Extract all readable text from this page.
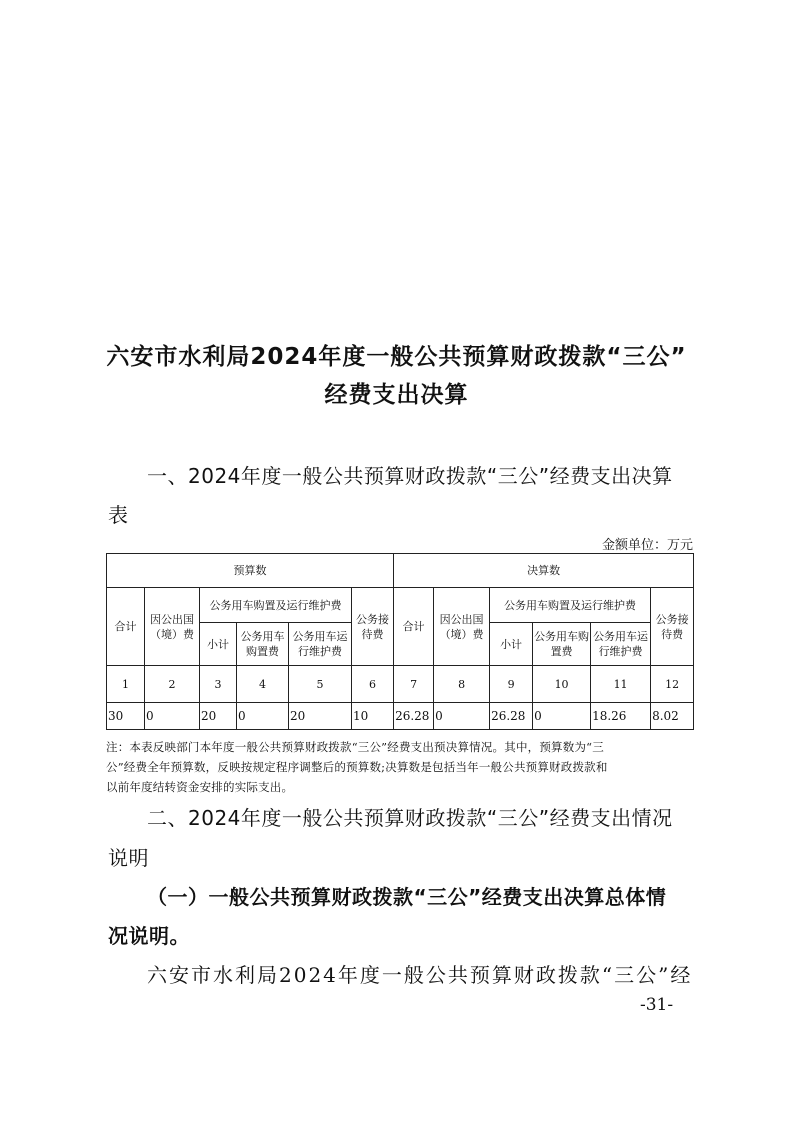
六安市水利局2024年度一般公共预算财政拨款“三公”
经费支出决算
一、2024年度一般公共预算财政拨款“三公”经费支出决算
表
金额单位：万元
预算数						决算数					
合计	因公出国（境）费	公务用车购置及运行维护费			公务接待费	合计	因公出国（境）费	公务用车购置及运行维护费			公务接待费
		小计	公务用车购置费	公务用车运行维护费				小计	公务用车购置费	公务用车运行维护费	
1	2	3	4	5	6	7	8	9	10	11	12
30	0	20	0	20	10	26.28	0	26.28	0	18.26	8.02
注：本表反映部门本年度一般公共预算财政拨款“三公”经费支出预决算情况。其中，预算数为“三
公”经费全年预算数，反映按规定程序调整后的预算数;决算数是包括当年一般公共预算财政拨款和
以前年度结转资金安排的实际支出。
二、2024年度一般公共预算财政拨款“三公”经费支出情况
说明
（一）一般公共预算财政拨款“三公”经费支出决算总体情
况说明。
六安市水利局2024年度一般公共预算财政拨款“三公”经
-31-
